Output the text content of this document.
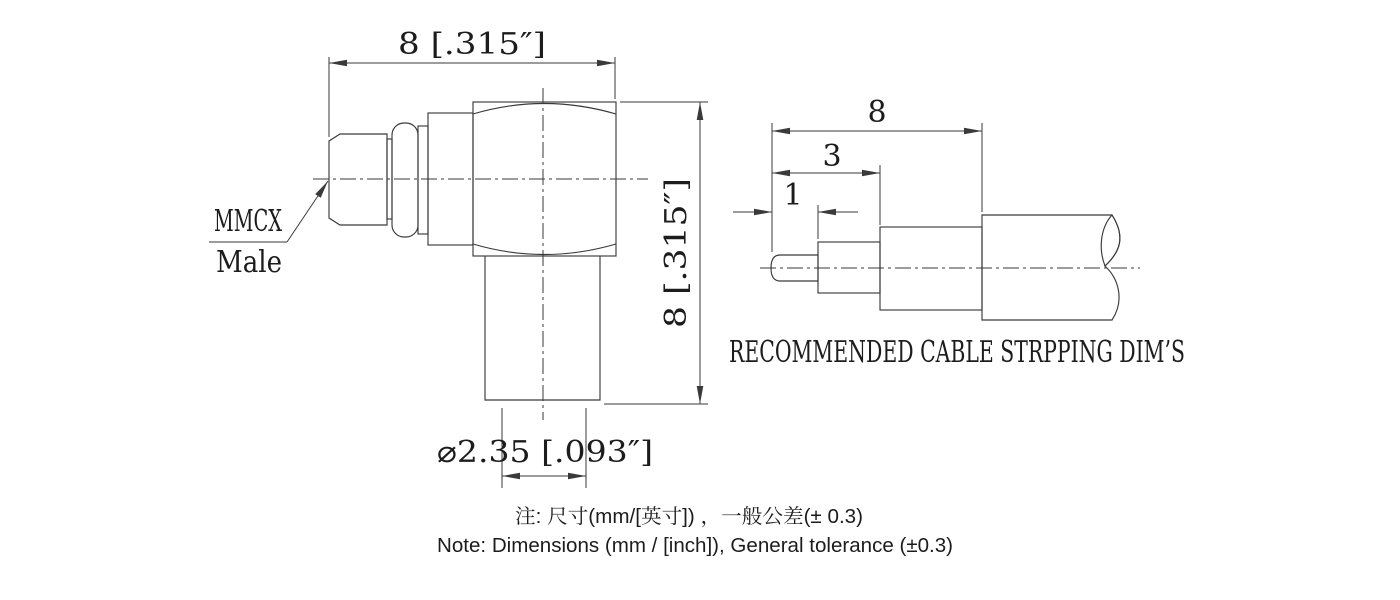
8 [.315″]
8 [.315″]
⌀2.35 [.093″]
MMCX
Male
8
3
1
RECOMMENDED CABLE STRPPING DIM’S
注: 尺寸(mm/[英寸]) ，一般公差(± 0.3)
Note: Dimensions (mm / [inch]), General tolerance (±0.3)
